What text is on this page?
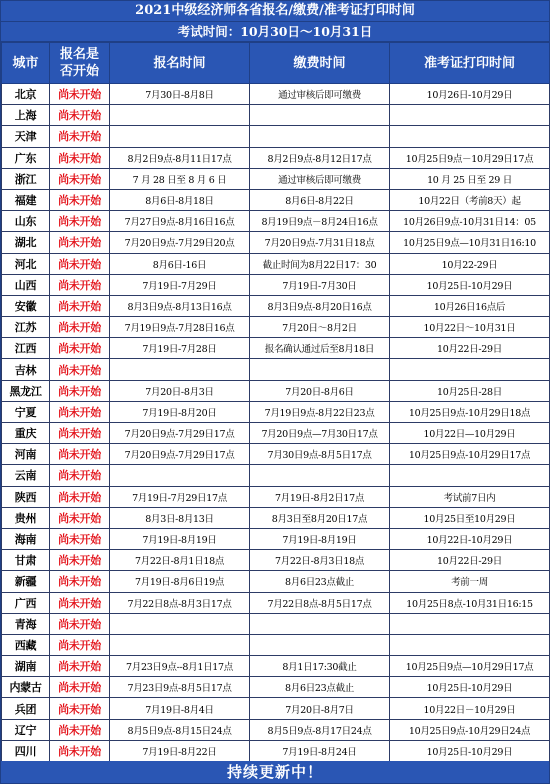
2021中级经济师各省报名/缴费/准考证打印时间
考试时间：10月30日～10月31日
城市	报名是否开始	报名时间	缴费时间	准考证打印时间
北京	尚未开始	7月30日-8月8日	通过审核后即可缴费	10月26日-10月29日
上海	尚未开始			
天津	尚未开始			
广东	尚未开始	8月2日9点-8月11日17点	8月2日9点-8月12日17点	10月25日9点－10月29日17点
浙江	尚未开始	7 月 28 日至 8 月 6 日	通过审核后即可缴费	10 月 25 日至 29 日
福建	尚未开始	8月6日-8月18日	8月6日-8月22日	10月22日（考前8天）起
山东	尚未开始	7月27日9点-8月16日16点	8月19日9点－8月24日16点	10月26日9点-10月31日14：05
湖北	尚未开始	7月20日9点-7月29日20点	7月20日9点-7月31日18点	10月25日9点—10月31日16:10
河北	尚未开始	8月6日-16日	截止时间为8月22日17：30	10月22-29日
山西	尚未开始	7月19日-7月29日	7月19日-7月30日	10月25日-10月29日
安徽	尚未开始	8月3日9点-8月13日16点	8月3日9点-8月20日16点	10月26日16点后
江苏	尚未开始	7月19日9点-7月28日16点	7月20日～8月2日	10月22日～10月31日
江西	尚未开始	7月19日-7月28日	报名确认通过后至8月18日	10月22日-29日
吉林	尚未开始			
黑龙江	尚未开始	7月20日-8月3日	7月20日-8月6日	10月25日-28日
宁夏	尚未开始	7月19日-8月20日	7月19日9点-8月22日23点	10月25日9点-10月29日18点
重庆	尚未开始	7月20日9点-7月29日17点	7月20日9点—7月30日17点	10月22日—10月29日
河南	尚未开始	7月20日9点-7月29日17点	7月30日9点-8月5日17点	10月25日9点-10月29日17点
云南	尚未开始			
陕西	尚未开始	7月19日-7月29日17点	7月19日-8月2日17点	考试前7日内
贵州	尚未开始	8月3日-8月13日	8月3日至8月20日17点	10月25日至10月29日
海南	尚未开始	7月19日-8月19日	7月19日-8月19日	10月22日-10月29日
甘肃	尚未开始	7月22日-8月1日18点	7月22日-8月3日18点	10月22日-29日
新疆	尚未开始	7月19日-8月6日19点	8月6日23点截止	考前一周
广西	尚未开始	7月22日8点-8月3日17点	7月22日8点-8月5日17点	10月25日8点-10月31日16:15
青海	尚未开始			
西藏	尚未开始			
湖南	尚未开始	7月23日9点--8月1日17点	8月1日17:30截止	10月25日9点—10月29日17点
内蒙古	尚未开始	7月23日9点-8月5日17点	8月6日23点截止	10月25日-10月29日
兵团	尚未开始	7月19日-8月4日	7月20日-8月7日	10月22日－10月29日
辽宁	尚未开始	8月5日9点-8月15日24点	8月5日9点-8月17日24点	10月25日9点-10月29日24点
四川	尚未开始	7月19日-8月22日	7月19日-8月24日	10月25日-10月29日
持续更新中！
